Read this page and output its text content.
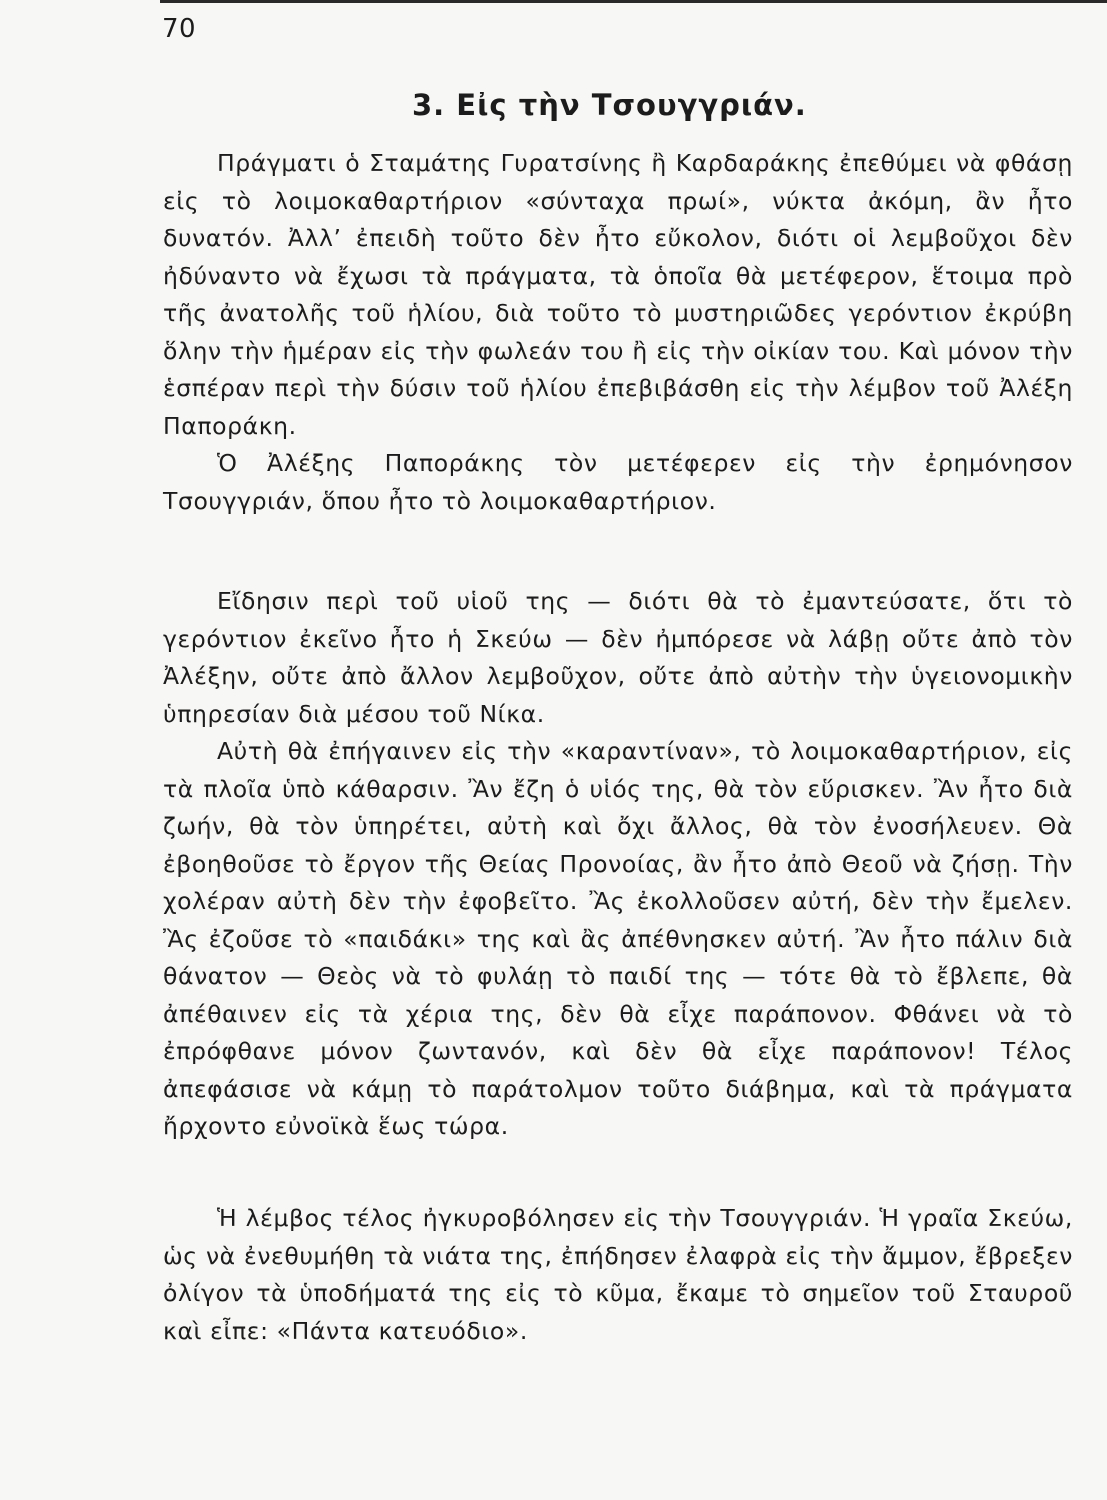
70
3. Εἰς τὴν Τσουγγριάν.

Πράγματι ὁ Σταμάτης Γυρατσίνης ἢ Καρδαράκης ἐπεθύμει νὰ φθάσῃ εἰς τὸ λοιμοκαθαρτήριον «σύνταχα πρωί», νύκτα ἀκόμη, ἂν ἦτο δυνατόν. Ἀλλ’ ἐπειδὴ τοῦτο δὲν ἦτο εὔκολον, διότι οἱ λεμβοῦχοι δὲν ἠδύναντο νὰ ἔχωσι τὰ πράγματα, τὰ ὁποῖα θὰ μετέφερον, ἕτοιμα πρὸ τῆς ἀνατολῆς τοῦ ἡλίου, διὰ τοῦτο τὸ μυστηριῶδες γερόντιον ἐκρύβη ὅλην τὴν ἡμέραν εἰς τὴν φωλεάν του ἢ εἰς τὴν οἰκίαν του. Καὶ μόνον τὴν ἑσπέραν περὶ τὴν δύσιν τοῦ ἡλίου ἐπεβιβάσθη εἰς τὴν λέμβον τοῦ Ἀλέξη Παποράκη.

Ὁ Ἀλέξης Παποράκης τὸν μετέφερεν εἰς τὴν ἐρημόνησον Τσουγγριάν, ὅπου ἦτο τὸ λοιμοκαθαρτήριον.

Εἴδησιν περὶ τοῦ υἱοῦ της — διότι θὰ τὸ ἐμαντεύσατε, ὅτι τὸ γερόντιον ἐκεῖνο ἦτο ἡ Σκεύω — δὲν ἠμπόρεσε νὰ λάβῃ οὔτε ἀπὸ τὸν Ἀλέξην, οὔτε ἀπὸ ἄλλον λεμβοῦχον, οὔτε ἀπὸ αὐτὴν τὴν ὑγειονομικὴν ὑπηρεσίαν διὰ μέσου τοῦ Νίκα.

Αὐτὴ θὰ ἐπήγαινεν εἰς τὴν «καραντίναν», τὸ λοιμοκαθαρτήριον, εἰς τὰ πλοῖα ὑπὸ κάθαρσιν. Ἂν ἔζη ὁ υἱός της, θὰ τὸν εὕρισκεν. Ἂν ἦτο διὰ ζωήν, θὰ τὸν ὑπηρέτει, αὐτὴ καὶ ὄχι ἄλλος, θὰ τὸν ἐνοσήλευεν. Θὰ ἐβοηθοῦσε τὸ ἔργον τῆς Θείας Προνοίας, ἂν ἦτο ἀπὸ Θεοῦ νὰ ζήσῃ. Τὴν χολέραν αὐτὴ δὲν τὴν ἐφοβεῖτο. Ἂς ἐκολλοῦσεν αὐτή, δὲν τὴν ἔμελεν. Ἂς ἐζοῦσε τὸ «παιδάκι» της καὶ ἂς ἀπέθνησκεν αὐτή. Ἂν ἦτο πάλιν διὰ θάνατον — Θεὸς νὰ τὸ φυλάῃ τὸ παιδί της — τότε θὰ τὸ ἔβλεπε, θὰ ἀπέθαινεν εἰς τὰ χέρια της, δὲν θὰ εἶχε παράπονον. Φθάνει νὰ τὸ ἐπρόφθανε μόνον ζωντανόν, καὶ δὲν θὰ εἶχε παράπονον! Τέλος ἀπεφάσισε νὰ κάμῃ τὸ παράτολμον τοῦτο διάβημα, καὶ τὰ πράγματα ἤρχοντο εὐνοϊκὰ ἕως τώρα.

Ἡ λέμβος τέλος ἠγκυροβόλησεν εἰς τὴν Τσουγγριάν. Ἡ γραῖα Σκεύω, ὡς νὰ ἐνεθυμήθη τὰ νιάτα της, ἐπήδησεν ἐλαφρὰ εἰς τὴν ἄμμον, ἔβρεξεν ὀλίγον τὰ ὑποδήματά της εἰς τὸ κῦμα, ἔκαμε τὸ σημεῖον τοῦ Σταυροῦ καὶ εἶπε: «Πάντα κατευόδιο».
